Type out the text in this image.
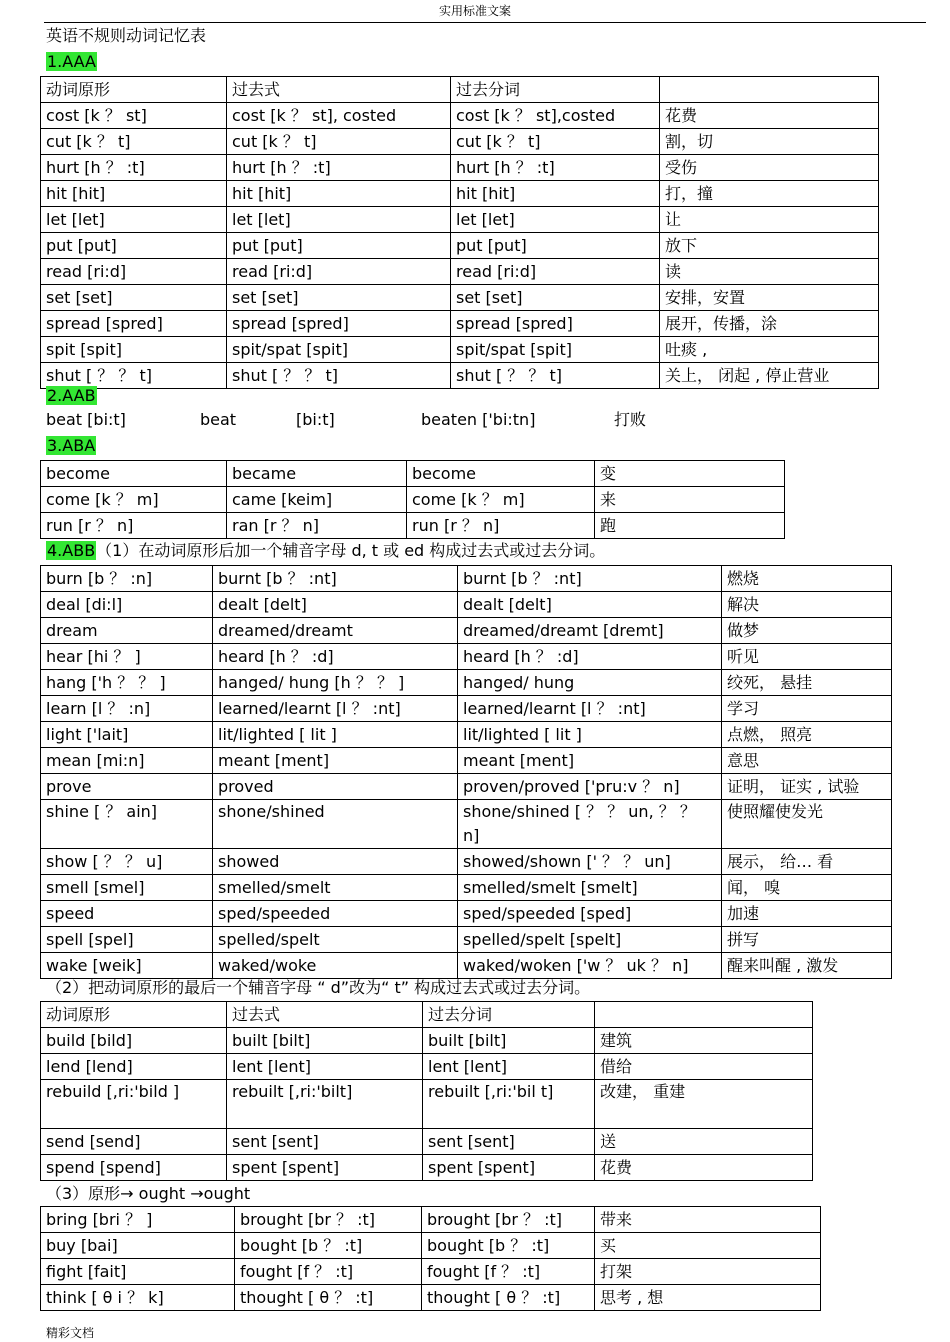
实用标准文案
英语不规则动词记忆表
1.AAA
动词原形	过去式	过去分词	
cost [k ？ st]	cost [k ？ st], costed	cost [k ？ st],costed	花费
cut [k ？ t]	cut [k ？ t]	cut [k ？ t]	割，切
hurt [h ？ :t]	hurt [h ？ :t]	hurt [h ？ :t]	受伤
hit [hit]	hit [hit]	hit [hit]	打，撞
let [let]	let [let]	let [let]	让
put [put]	put [put]	put [put]	放下
read [ri:d]	read [ri:d]	read [ri:d]	读
set [set]	set [set]	set [set]	安排，安置
spread [spred]	spread [spred]	spread [spred]	展开，传播，涂
spit [spit]	spit/spat [spit]	spit/spat [spit]	吐痰 ,
shut [ ？ ？ t]	shut [ ？ ？ t]	shut [ ？ ？ t]	关上， 闭起 , 停止营业
2.AAB
beat [bi:t]	beat	[bi:t]	beaten ['bi:tn]	打败
3.ABA
become	became	become	变
come [k ？ m]	came [keim]	come [k ？ m]	来
run [r ？ n]	ran [r ？ n]	run [r ？ n]	跑
4.ABB（1）在动词原形后加一个辅音字母 d, t 或 ed 构成过去式或过去分词。
burn [b ？ :n]	burnt [b ？ :nt]	burnt [b ？ :nt]	燃烧
deal [di:l]	dealt [delt]	dealt [delt]	解决
dream	dreamed/dreamt	dreamed/dreamt [dremt]	做梦
hear [hi ？ ]	heard [h ？ :d]	heard [h ？ :d]	听见
hang ['h ？ ？ ]	hanged/ hung [h ？ ？ ]	hanged/ hung	绞死， 悬挂
learn [l ？ :n]	learned/learnt [l ？ :nt]	learned/learnt [l ？ :nt]	学习
light ['lait]	lit/lighted [ lit ]	lit/lighted [ lit ]	点燃， 照亮
mean [mi:n]	meant [ment]	meant [ment]	意思
prove	proved	proven/proved ['pru:v ？ n]	证明， 证实 , 试验
shine [ ？ ain]	shone/shined	shone/shined [ ？ ？ un, ？ ？ n]	使照耀使发光
show [ ？ ？ u]	showed	showed/shown [' ？ ？ un]	展示， 给… 看
smell [smel]	smelled/smelt	smelled/smelt [smelt]	闻， 嗅
speed	sped/speeded	sped/speeded [sped]	加速
spell [spel]	spelled/spelt	spelled/spelt [spelt]	拼写
wake [weik]	waked/woke	waked/woken ['w ？ uk ？ n]	醒来叫醒 , 激发
（2）把动词原形的最后一个辅音字母 “ d”改为“ t” 构成过去式或过去分词。
动词原形	过去式	过去分词	
build [bild]	built [bilt]	built [bilt]	建筑
lend [lend]	lent [lent]	lent [lent]	借给
rebuild [,ri:'bild ]	rebuilt [,ri:'bilt]	rebuilt [,ri:'bil t]	改建， 重建
send [send]	sent [sent]	sent [sent]	送
spend [spend]	spent [spent]	spent [spent]	花费
（3）原形→ ought →ought
bring [bri ？ ]	brought [br ？ :t]	brought [br ？ :t]	带来
buy [bai]	bought [b ？ :t]	bought [b ？ :t]	买
fight [fait]	fought [f ？ :t]	fought [f ？ :t]	打架
think [ θ i ？ k]	thought [ θ ？ :t]	thought [ θ ？ :t]	思考 , 想
精彩文档
